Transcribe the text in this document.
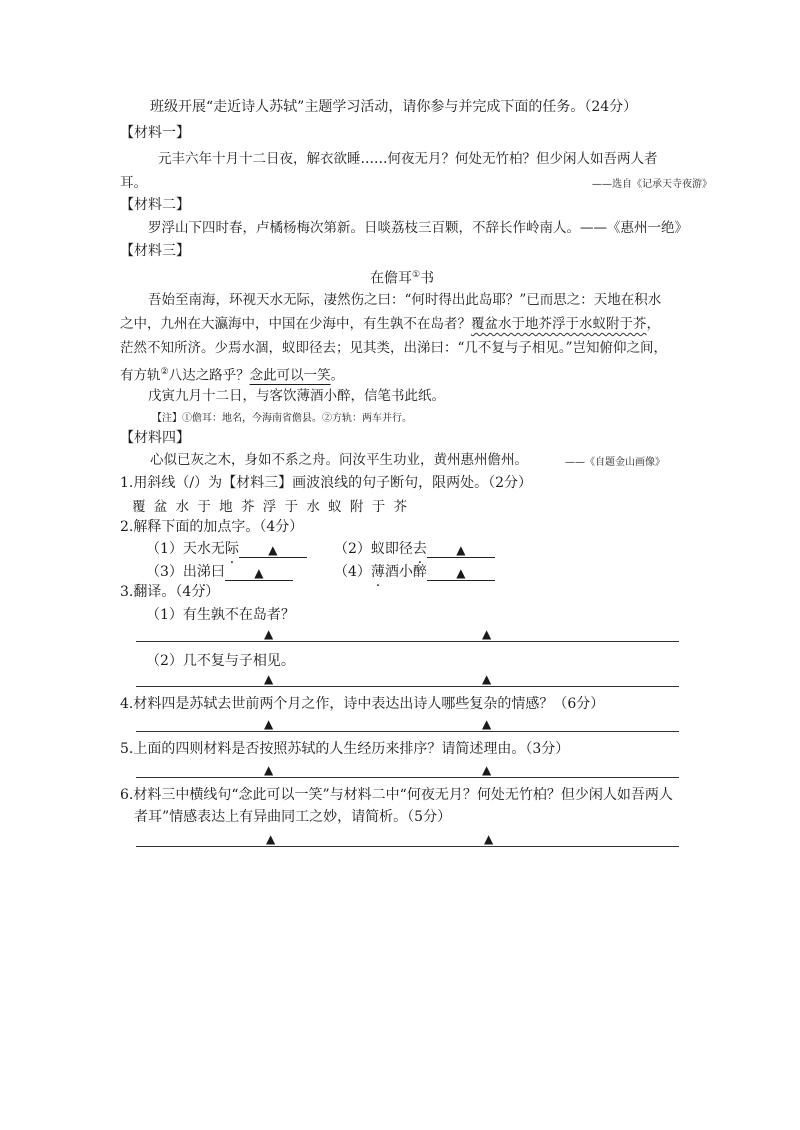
班级开展“走近诗人苏轼”主题学习活动，请你参与并完成下面的任务。（24分）
【材料一】
元丰六年十月十二日夜，解衣欲睡……何夜无月？何处无竹柏？但少闲人如吾两人者
耳。	——选自《记承天寺夜游》
【材料二】
罗浮山下四时春，卢橘杨梅次第新。日啖荔枝三百颗，不辞长作岭南人。——《惠州一绝》
【材料三】
在儋耳①书
吾始至南海，环视天水无际，凄然伤之曰：“何时得出此岛耶？”已而思之：天地在积水
之中，九州在大瀛海中，中国在少海中，有生孰不在岛者？覆盆水于地芥浮于水蚁附于芥，
茫然不知所济。少焉水涸，蚁即径去；见其类，出涕曰：“几不复与子相见。”岂知俯仰之间，
有方轨②八达之路乎？念此可以一笑。
戊寅九月十二日，与客饮薄酒小醉，信笔书此纸。
【注】①儋耳：地名，今海南省儋县。②方轨：两车并行。
【材料四】
心似已灰之木，身如不系之舟。问汝平生功业，黄州惠州儋州。	——《自题金山画像》
1.用斜线（/）为【材料三】画波浪线的句子断句，限两处。（2分）
覆 盆 水 于 地 芥 浮 于 水 蚁 附 于 芥
2.解释下面的加点字。（4分）
（1）天水无际 ▲	（2）蚁即径去 ▲
（3）出涕曰 ▲	（4）薄酒小醉 ▲
3.翻译。（4分）
（1）有生孰不在岛者？
▲	▲
（2）几不复与子相见。
▲	▲
4.材料四是苏轼去世前两个月之作，诗中表达出诗人哪些复杂的情感？（6分）
▲	▲
5.上面的四则材料是否按照苏轼的人生经历来排序？请简述理由。（3分）
▲	▲
6.材料三中横线句“念此可以一笑”与材料二中“何夜无月？何处无竹柏？但少闲人如吾两人
者耳”情感表达上有异曲同工之妙，请简析。（5分）
▲	▲
